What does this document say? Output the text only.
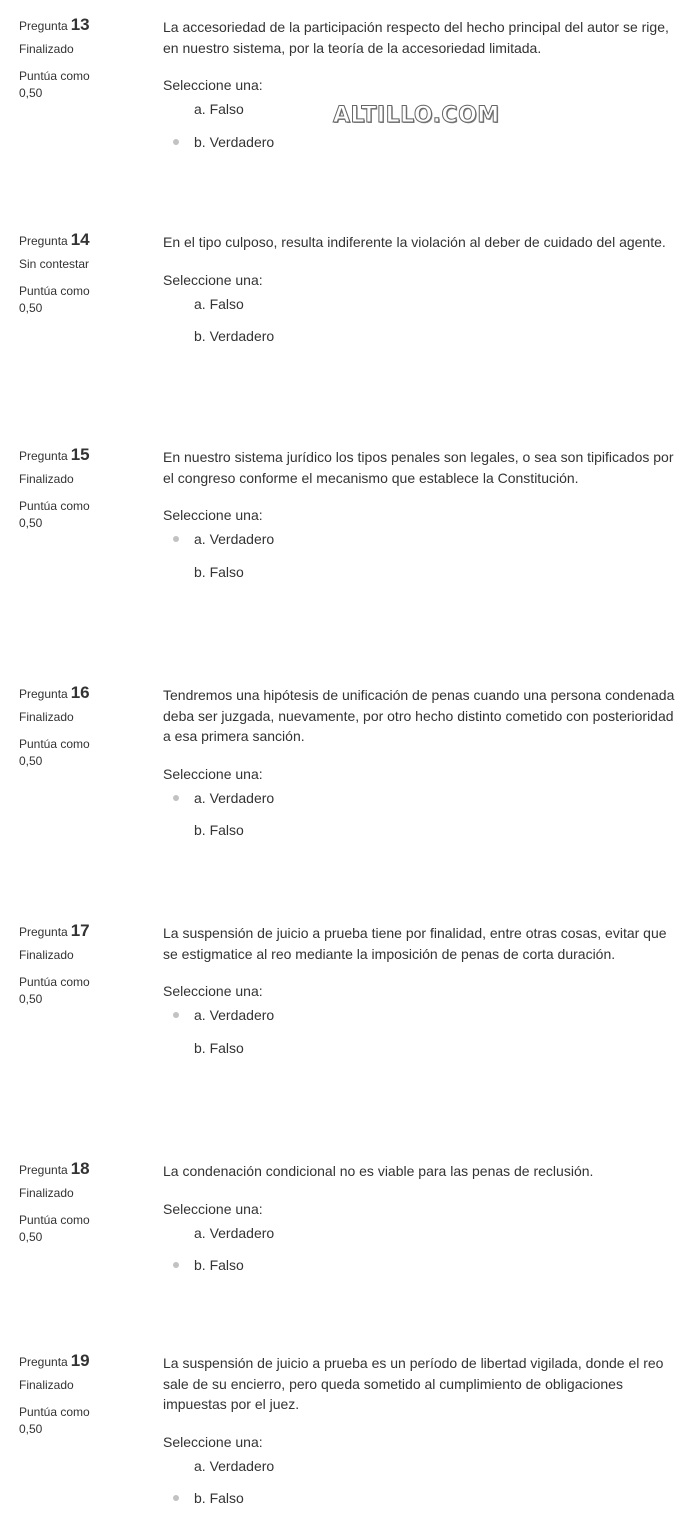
Pregunta 13
Finalizado
Puntúa como 0,50
La accesoriedad de la participación respecto del hecho principal del autor se rige, en nuestro sistema, por la teoría de la accesoriedad limitada.
Seleccione una:
a. Falso
b. Verdadero
Pregunta 14
Sin contestar
Puntúa como 0,50
En el tipo culposo, resulta indiferente la violación al deber de cuidado del agente.
Seleccione una:
a. Falso
b. Verdadero
Pregunta 15
Finalizado
Puntúa como 0,50
En nuestro sistema jurídico los tipos penales son legales, o sea son tipificados por el congreso conforme el mecanismo que establece la Constitución.
Seleccione una:
a. Verdadero
b. Falso
Pregunta 16
Finalizado
Puntúa como 0,50
Tendremos una hipótesis de unificación de penas cuando una persona condenada deba ser juzgada, nuevamente, por otro hecho distinto cometido con posterioridad a esa primera sanción.
Seleccione una:
a. Verdadero
b. Falso
Pregunta 17
Finalizado
Puntúa como 0,50
La suspensión de juicio a prueba tiene por finalidad, entre otras cosas, evitar que se estigmatice al reo mediante la imposición de penas de corta duración.
Seleccione una:
a. Verdadero
b. Falso
Pregunta 18
Finalizado
Puntúa como 0,50
La condenación condicional no es viable para las penas de reclusión.
Seleccione una:
a. Verdadero
b. Falso
Pregunta 19
Finalizado
Puntúa como 0,50
La suspensión de juicio a prueba es un período de libertad vigilada, donde el reo sale de su encierro, pero queda sometido al cumplimiento de obligaciones impuestas por el juez.
Seleccione una:
a. Verdadero
b. Falso
ALTILLO.COM
